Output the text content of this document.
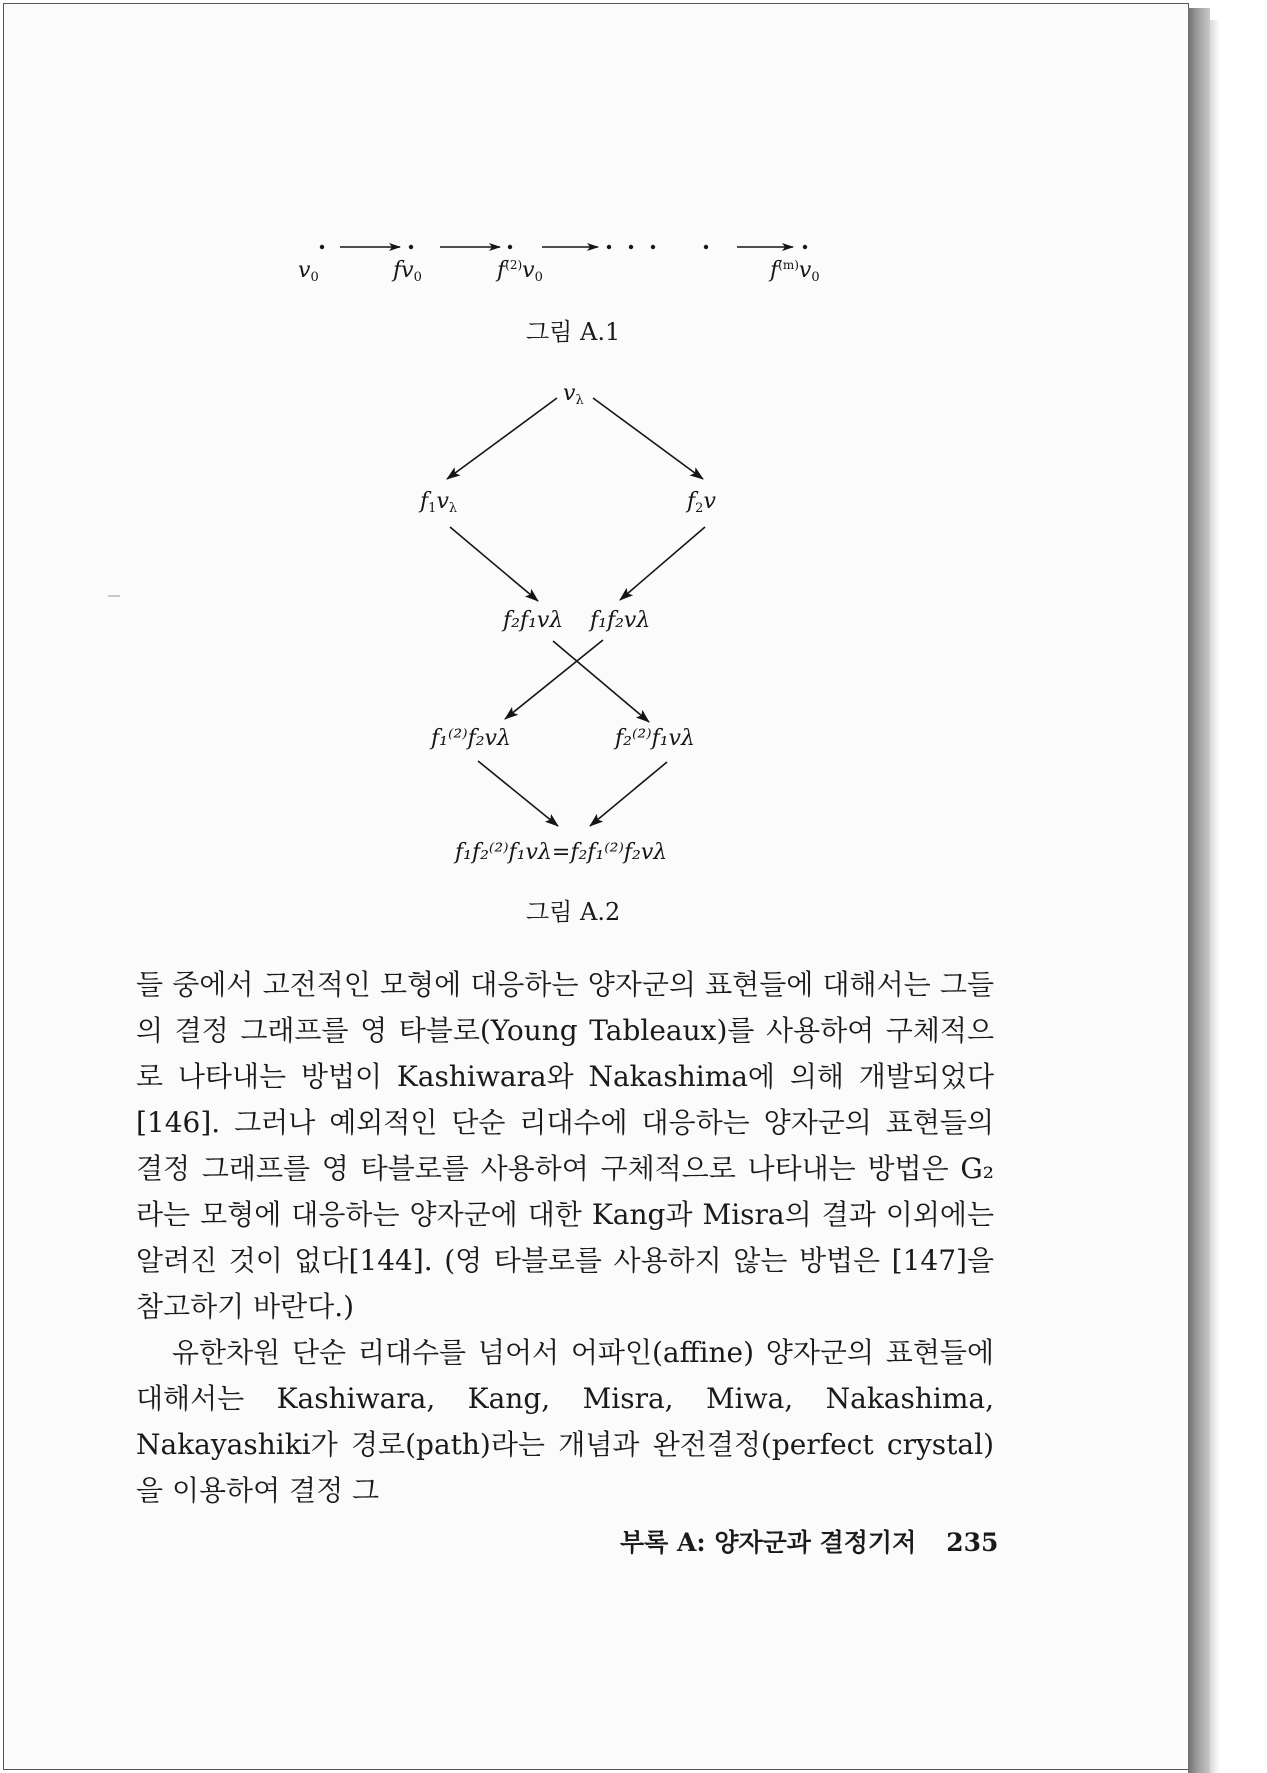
$v_0$	$fv_0$	$f^{(2)}v_0$	$f^{(m)}v_0$
그림 A.1
$v_\lambda$
$f_1v_\lambda$	$f_2v$
f₂f₁vλ f₁f₂vλ
f₁⁽²⁾f₂vλ	f₂⁽²⁾f₁vλ
f₁f₂⁽²⁾f₁vλ=f₂f₁⁽²⁾f₂vλ
그림 A.2

들 중에서 고전적인 모형에 대응하는 양자군의 표현들에 대해서는 그들의 결정 그래프를 영 타블로(Young Tableaux)를 사용하여 구체적으로 나타내는 방법이 Kashiwara와 Nakashima에 의해 개발되었다[146]. 그러나 예외적인 단순 리대수에 대응하는 양자군의 표현들의 결정 그래프를 영 타블로를 사용하여 구체적으로 나타내는 방법은 G₂라는 모형에 대응하는 양자군에 대한 Kang과 Misra의 결과 이외에는 알려진 것이 없다[144]. (영 타블로를 사용하지 않는 방법은 [147]을 참고하기 바란다.)

유한차원 단순 리대수를 넘어서 어파인(affine) 양자군의 표현들에 대해서는 Kashiwara, Kang, Misra, Miwa, Nakashima, Nakayashiki가 경로(path)라는 개념과 완전결정(perfect crystal)을 이용하여 결정 그

부록 A: 양자군과 결정기저 235
